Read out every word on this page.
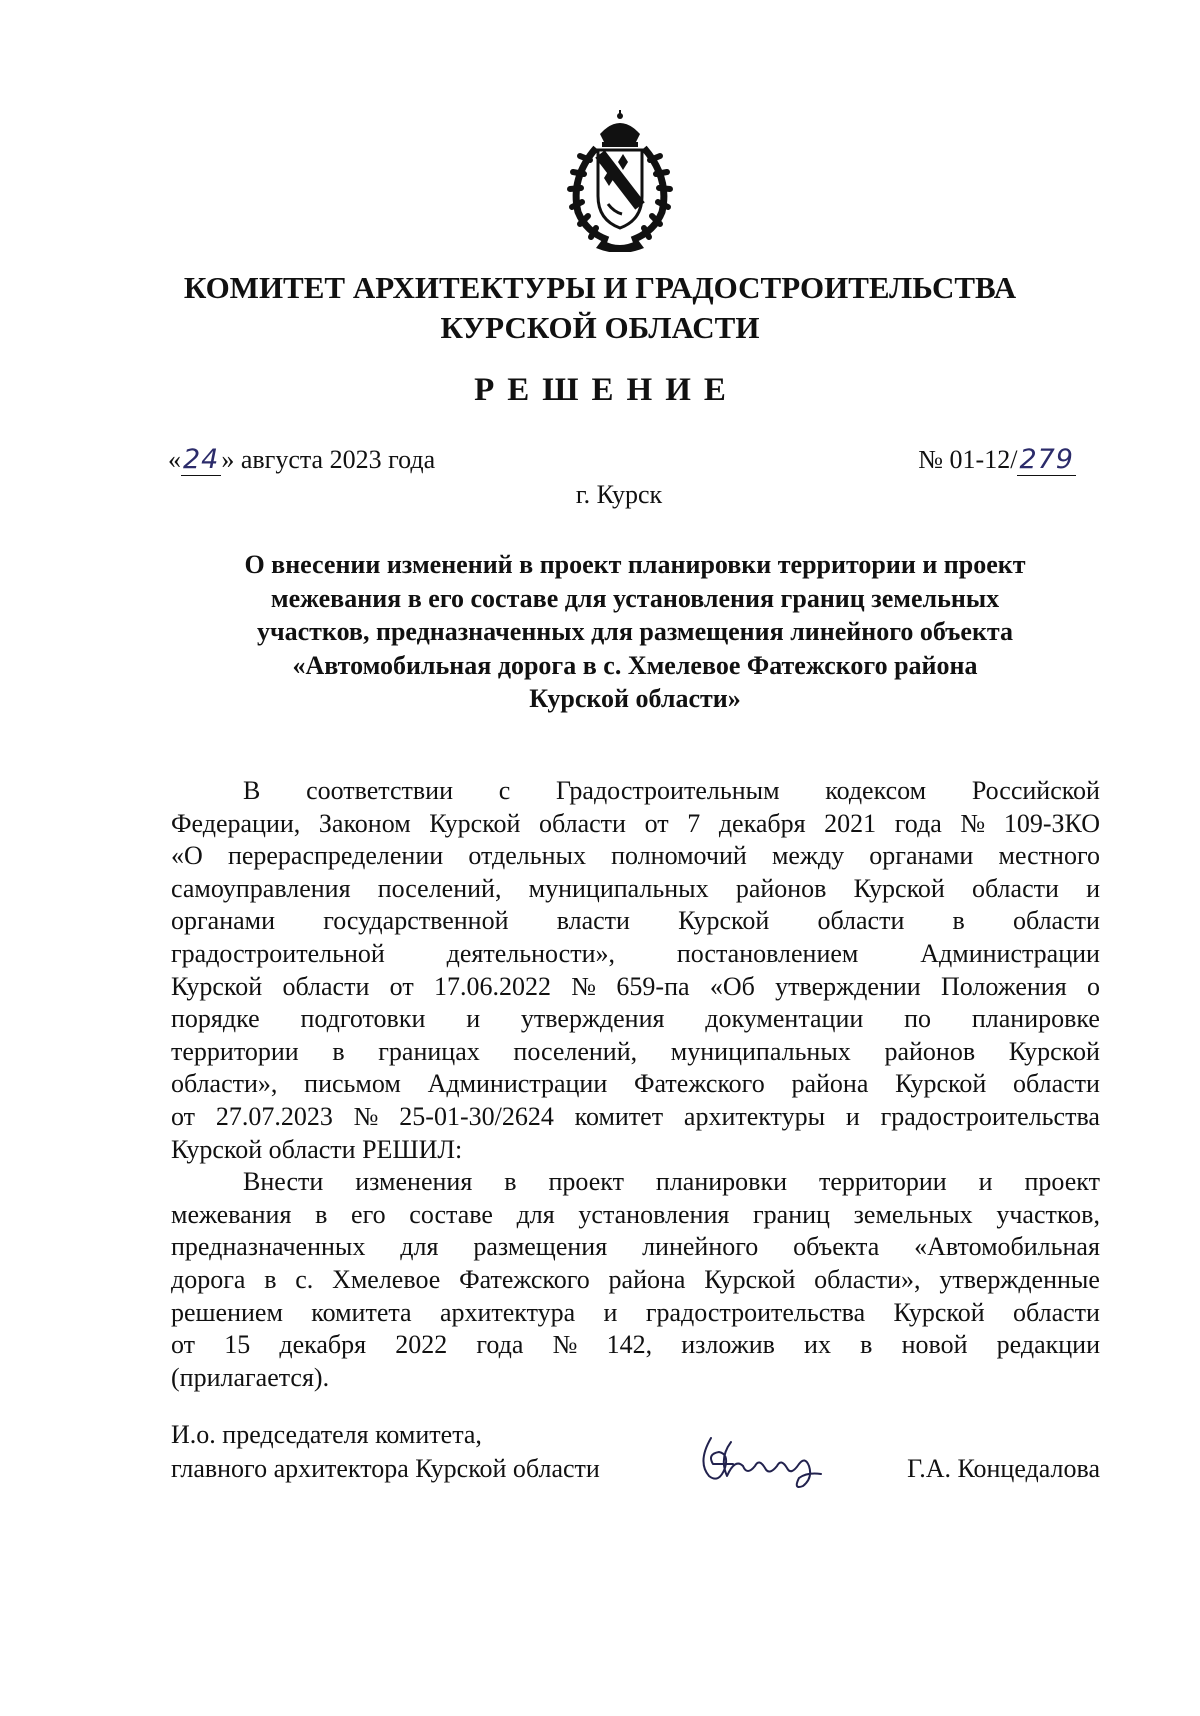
КОМИТЕТ АРХИТЕКТУРЫ И ГРАДОСТРОИТЕЛЬСТВА
КУРСКОЙ ОБЛАСТИ
РЕШЕНИЕ
«24» августа 2023 года	№ 01-12/279
г. Курск
О внесении изменений в проект планировки территории и проект
межевания в его составе для установления границ земельных
участков, предназначенных для размещения линейного объекта
«Автомобильная дорога в с. Хмелевое Фатежского района
Курской области»
В соответствии с Градостроительным кодексом Российской
Федерации, Законом Курской области от 7 декабря 2021 года № 109-ЗКО
«О перераспределении отдельных полномочий между органами местного
самоуправления поселений, муниципальных районов Курской области и
органами государственной власти Курской области в области
градостроительной деятельности», постановлением Администрации
Курской области от 17.06.2022 № 659-па «Об утверждении Положения о
порядке подготовки и утверждения документации по планировке
территории в границах поселений, муниципальных районов Курской
области», письмом Администрации Фатежского района Курской области
от 27.07.2023 № 25-01-30/2624 комитет архитектуры и градостроительства
Курской области РЕШИЛ:
Внести изменения в проект планировки территории и проект
межевания в его составе для установления границ земельных участков,
предназначенных для размещения линейного объекта «Автомобильная
дорога в с. Хмелевое Фатежского района Курской области», утвержденные
решением комитета архитектура и градостроительства Курской области
от 15 декабря 2022 года № 142, изложив их в новой редакции
(прилагается).
И.о. председателя комитета,
главного архитектора Курской области	Г.А. Концедалова
